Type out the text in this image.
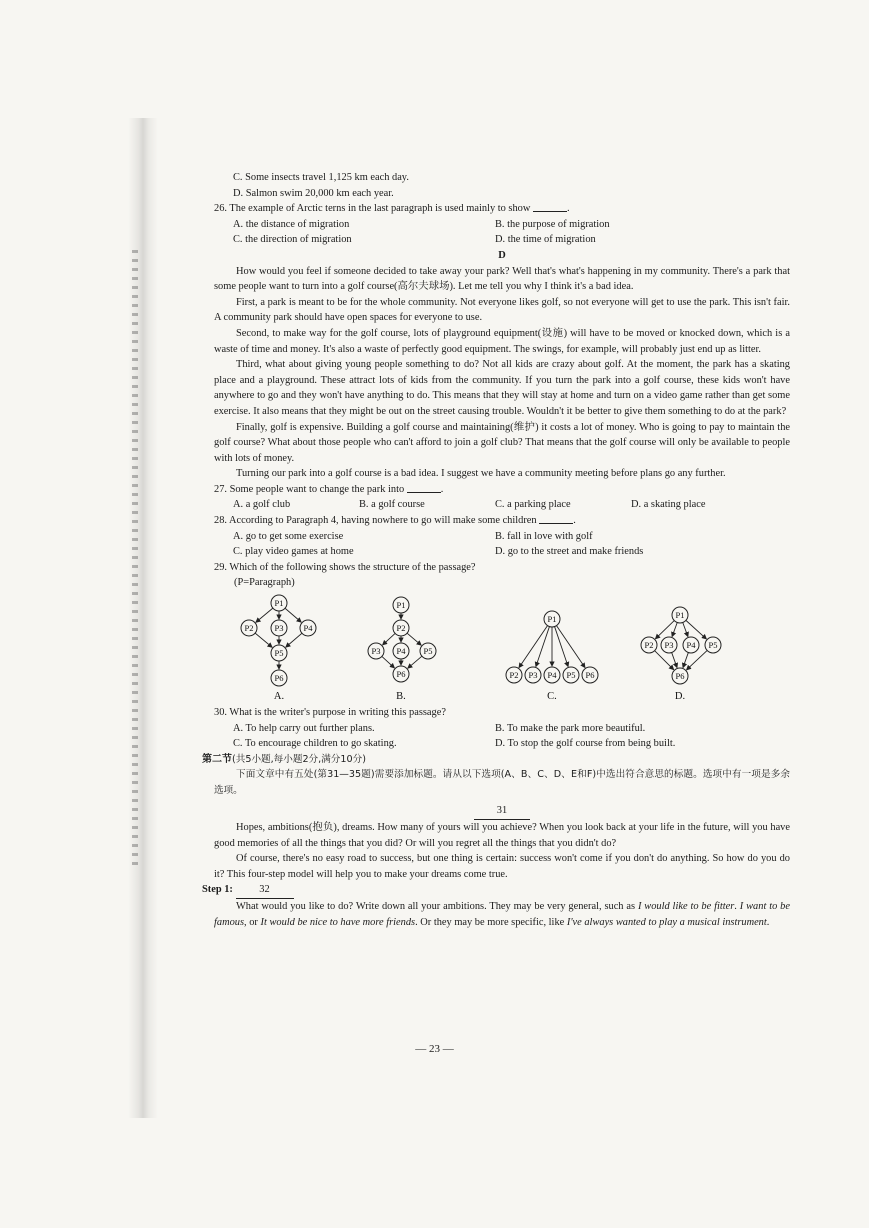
C. Some insects travel 1,125 km each day.
D. Salmon swim 20,000 km each year.
26. The example of Arctic terns in the last paragraph is used mainly to show
	.
A. the distance of migration	B. the purpose of migration
C. the direction of migration	D. the time of migration
D

How would you feel if someone decided to take away your park? Well that's what's happening in my community. There's a park that some people want to turn into a golf course(高尔夫球场). Let me tell you why I think it's a bad idea.

First, a park is meant to be for the whole community. Not everyone likes golf, so not everyone will get to use the park. This isn't fair. A community park should have open spaces for everyone to use.

Second, to make way for the golf course, lots of playground equipment(设施) will have to be moved or knocked down, which is a waste of time and money. It's also a waste of perfectly good equipment. The swings, for example, will probably just end up as litter.

Third, what about giving young people something to do? Not all kids are crazy about golf. At the moment, the park has a skating place and a playground. These attract lots of kids from the community. If you turn the park into a golf course, these kids won't have anywhere to go and they won't have anything to do. This means that they will stay at home and turn on a video game rather than get some exercise. It also means that they might be out on the street causing trouble. Wouldn't it be better to give them something to do at the park?

Finally, golf is expensive. Building a golf course and maintaining(维护) it costs a lot of money. Who is going to pay to maintain the golf course? What about those people who can't afford to join a golf club? That means that the golf course will only be available to people with lots of money.

Turning our park into a golf course is a bad idea. I suggest we have a community meeting before plans go any further.

27. Some people want to change the park into
	.
A. a golf club	B. a golf course	C. a parking place	D. a skating place
28. According to Paragraph 4, having nowhere to go will make some children
	.
A. go to get some exercise	B. fall in love with golf
C. play video games at home	D. go to the street and make friends
29. Which of the following shows the structure of the passage?
(P=Paragraph)
P1
P2 P3 P4
P5
P6
A.
P1
P2
P3 P4 P5
P6
B.
P1
P2 P3 P4 P5 P6
C.
P1
P2 P3 P4 P5
P6
D.
30. What is the writer's purpose in writing this passage?
A. To help carry out further plans.	B. To make the park more beautiful.
C. To encourage children to go skating.	D. To stop the golf course from being built.
第二节(共5小题,每小题2分,满分10分)

下面文章中有五处(第31—35题)需要添加标题。请从以下选项(A、B、C、D、E和F)中选出符合意思的标题。选项中有一项是多余选项。

31

Hopes, ambitions(抱负), dreams. How many of yours will you achieve? When you look back at your life in the future, will you have good memories of all the things that you did? Or will you regret all the things that you didn't do?

Of course, there's no easy road to success, but one thing is certain: success won't come if you don't do anything. So how do you do it? This four-step model will help you to make your dreams come true.

Step 1:	32

What would you like to do? Write down all your ambitions. They may be very general, such as I would like to be fitter. I want to be famous, or It would be nice to have more friends. Or they may be more specific, like I've always wanted to play a musical instrument.

— 23 —
